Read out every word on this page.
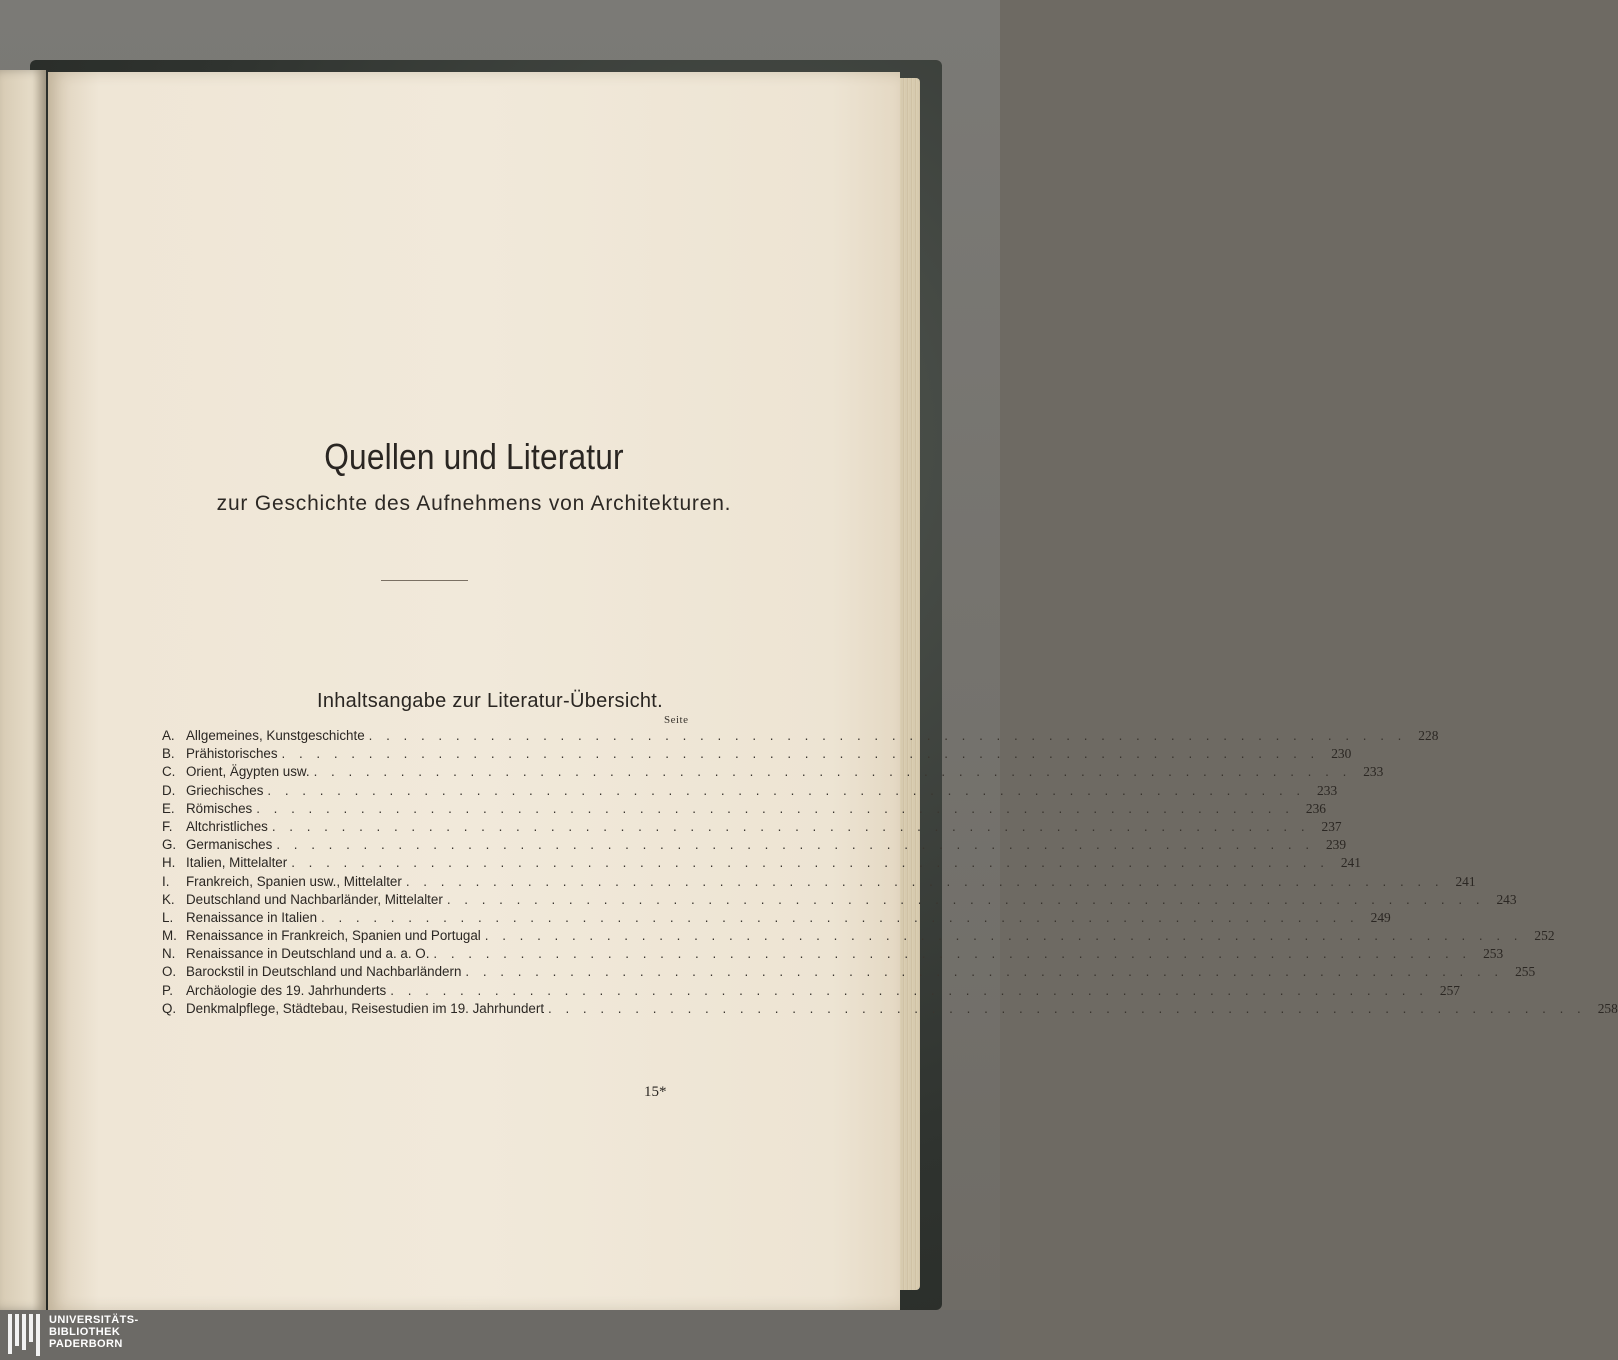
Quellen und Literatur
zur Geschichte des Aufnehmens von Architekturen.
Inhaltsangabe zur Literatur-Übersicht.
Seite
A. Allgemeines, Kunstgeschichte . . . . . . . . . . . . . . . . . . . . . . . . . . . . . . . . . . . . . . . . . . . . . . . . . . . . . . . . . . . . 228
B. Prähistorisches . . . . . . . . . . . . . . . . . . . . . . . . . . . . . . . . . . . . . . . . . . . . . . . . . . . . . . . . . . . . 230
C. Orient, Ägypten usw. . . . . . . . . . . . . . . . . . . . . . . . . . . . . . . . . . . . . . . . . . . . . . . . . . . . . . . . . . . . . 233
D. Griechisches . . . . . . . . . . . . . . . . . . . . . . . . . . . . . . . . . . . . . . . . . . . . . . . . . . . . . . . . . . . . 233
E. Römisches . . . . . . . . . . . . . . . . . . . . . . . . . . . . . . . . . . . . . . . . . . . . . . . . . . . . . . . . . . . . 236
F.	Altchristliches . . . . . . . . . . . . . . . . . . . . . . . . . . . . . . . . . . . . . . . . . . . . . . . . . . . . . . . . . . . . 237
G. Germanisches . . . . . . . . . . . . . . . . . . . . . . . . . . . . . . . . . . . . . . . . . . . . . . . . . . . . . . . . . . . . 239
H. Italien, Mittelalter . . . . . . . . . . . . . . . . . . . . . . . . . . . . . . . . . . . . . . . . . . . . . . . . . . . . . . . . . . . . 241
I.	Frankreich, Spanien usw., Mittelalter . . . . . . . . . . . . . . . . . . . . . . . . . . . . . . . . . . . . . . . . . . . . . . . . . . . . . . . . . . . . 241
K. Deutschland und Nachbarländer, Mittelalter . . . . . . . . . . . . . . . . . . . . . . . . . . . . . . . . . . . . . . . . . . . . . . . . . . . . . . . . . . . . 243
L. Renaissance in Italien . . . . . . . . . . . . . . . . . . . . . . . . . . . . . . . . . . . . . . . . . . . . . . . . . . . . . . . . . . . . 249
M. Renaissance in Frankreich, Spanien und Portugal . . . . . . . . . . . . . . . . . . . . . . . . . . . . . . . . . . . . . . . . . . . . . . . . . . . . . . . . . . . . 252
N. Renaissance in Deutschland und a. a. O. . . . . . . . . . . . . . . . . . . . . . . . . . . . . . . . . . . . . . . . . . . . . . . . . . . . . . . . . . . . . 253
O. Barockstil in Deutschland und Nachbarländern . . . . . . . . . . . . . . . . . . . . . . . . . . . . . . . . . . . . . . . . . . . . . . . . . . . . . . . . . . . . 255
P. Archäologie des 19. Jahrhunderts . . . . . . . . . . . . . . . . . . . . . . . . . . . . . . . . . . . . . . . . . . . . . . . . . . . . . . . . . . . . 257
Q. Denkmalpflege, Städtebau, Reisestudien im 19. Jahrhundert . . . . . . . . . . . . . . . . . . . . . . . . . . . . . . . . . . . . . . . . . . . . . . . . . . . . . . . . . . . . 258
15*
UNIVERSITÄTS-
BIBLIOTHEK
PADERBORN
